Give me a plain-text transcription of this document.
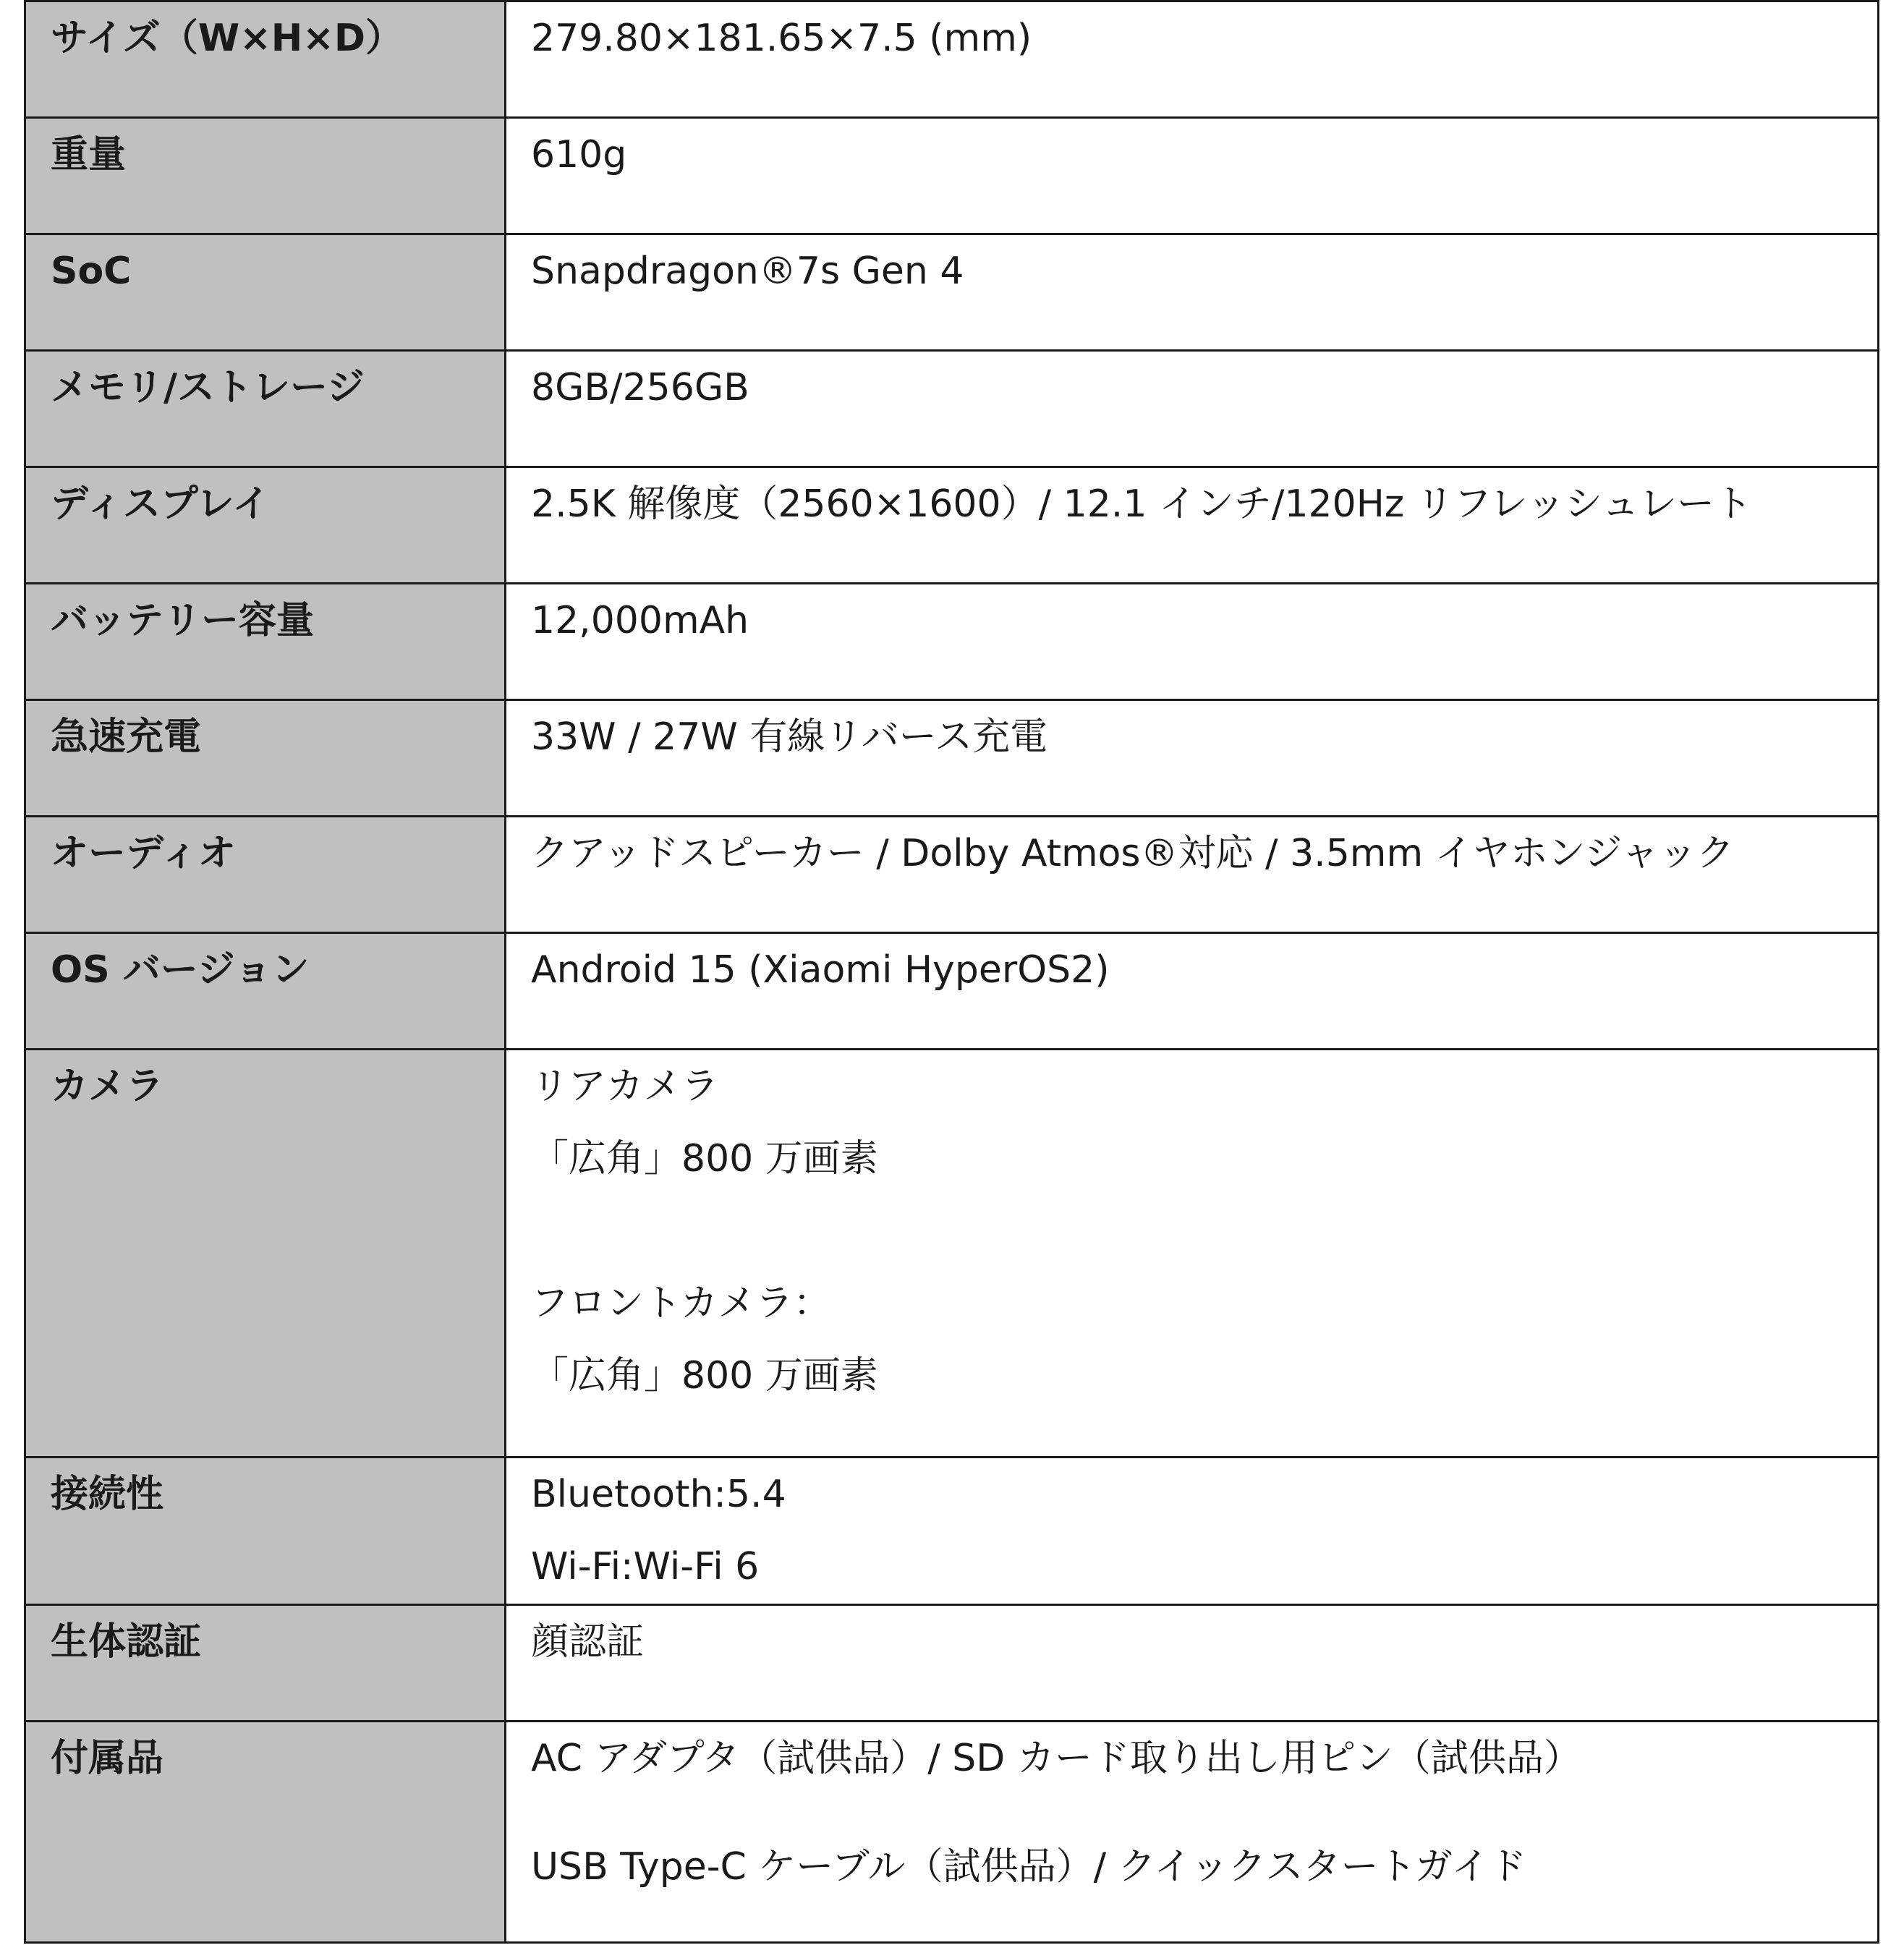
サイズ（W×H×D）	279.80×181.65×7.5 (mm)

重量	610g

SoC	Snapdragon®7s Gen 4

メモリ/ストレージ	8GB/256GB

ディスプレイ	2.5K 解像度（2560×1600）/ 12.1 インチ/120Hz リフレッシュレート

バッテリー容量	12,000mAh

急速充電	33W / 27W 有線リバース充電

オーディオ	クアッドスピーカー / Dolby Atmos®対応 / 3.5mm イヤホンジャック

OS バージョン	Android 15 (Xiaomi HyperOS2)

カメラ	リアカメラ
「広角」800 万画素
フロントカメラ：
「広角」800 万画素

接続性	Bluetooth:5.4
Wi-Fi:Wi-Fi 6

生体認証	顔認証

付属品	AC アダプタ（試供品）/ SD カード取り出し用ピン（試供品）
USB Type-C ケーブル（試供品）/ クイックスタートガイド
